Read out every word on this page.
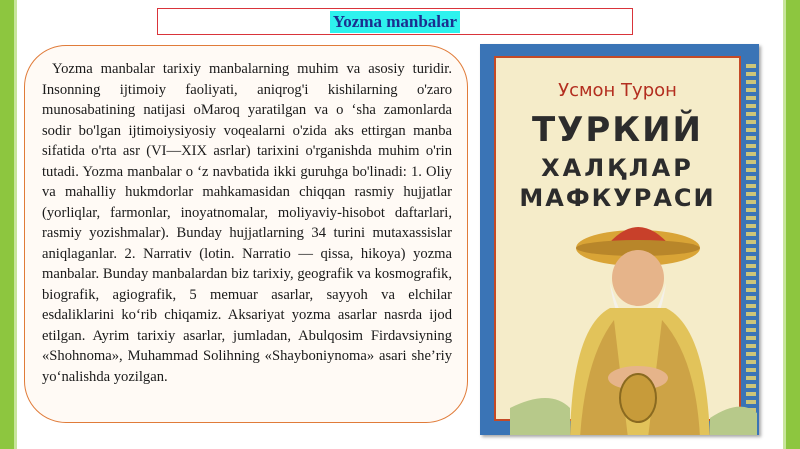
Yozma manbalar

Yozma manbalar tarixiy manbalarning muhim va asosiy turidir. Insonning ijtimoiy faoliyati, aniqrog'i kishilarning o'zaro munosabatining natijasi oMaroq yaratilgan va o ‘sha zamonlarda sodir bo'lgan ijtimoiysiyosiy voqealarni o'zida aks ettirgan manba sifatida o'rta asr (VI—XIX asrlar) tarixini o'rganishda muhim o'rin tutadi. Yozma manbalar o ‘z navbatida ikki guruhga bo'linadi: 1. Oliy va mahalliy hukmdorlar mahkamasidan chiqqan rasmiy hujjatlar (yorliqlar, farmonlar, inoyatnomalar, moliyaviy-hisobot daftarlari, rasmiy yozishmalar). Bunday hujjatlarning 34 turini mutaxassislar aniqlaganlar. 2. Narrativ (lotin. Narratio — qissa, hikoya) yozma manbalar. Bunday manbalardan biz tarixiy, geografik va kosmografik, biografik, agiografik, 5 memuar asarlar, sayyoh va elchilar esdaliklarini ko‘rib chiqamiz. Aksariyat yozma asarlar nasrda ijod etilgan. Ayrim tarixiy asarlar, jumladan, Abulqosim Firdavsiyning «Shohnoma», Muhammad Solihning «Shayboniynoma» asari she’riy yo‘nalishda yozilgan.

Усмон Турон
ТУРКИЙ
ХАЛҚЛАР
МАФКУРАСИ
